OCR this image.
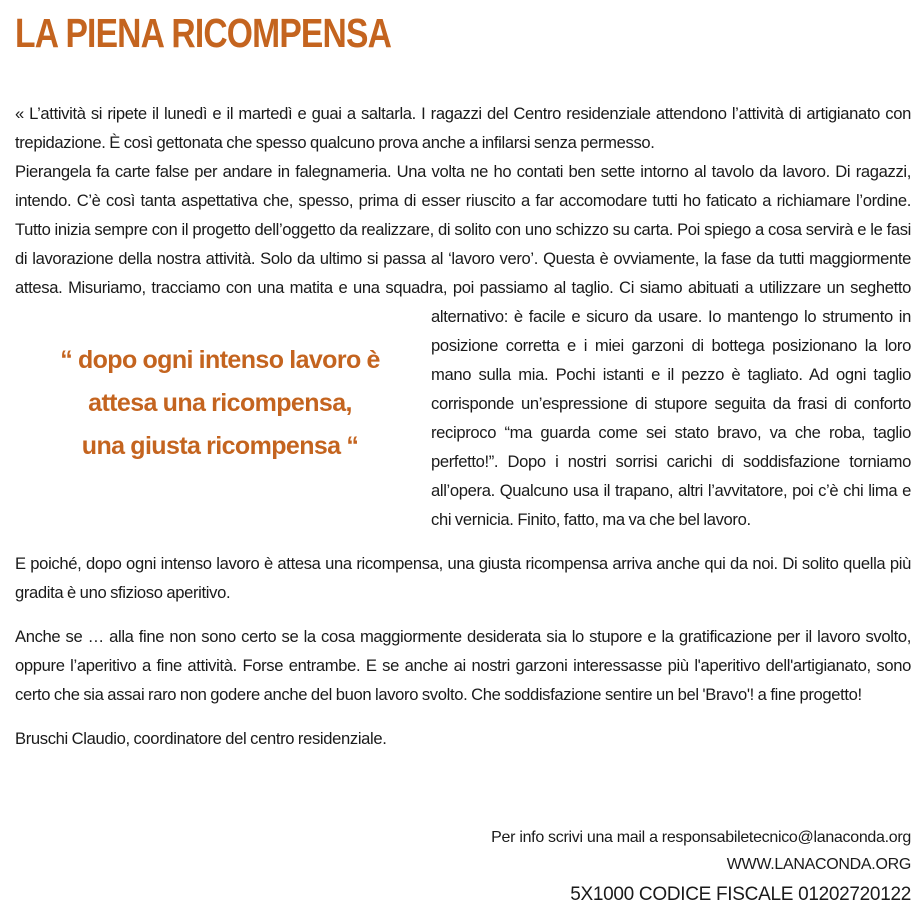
LA PIENA RICOMPENSA

« L’attività si ripete il lunedì e il martedì e guai a saltarla. I ragazzi del Centro residenziale attendono l’attività di artigianato con trepidazione. È così gettonata che spesso qualcuno prova anche a infilarsi senza permesso.

Pierangela fa carte false per andare in falegnameria. Una volta ne ho contati ben sette intorno al tavolo da lavoro. Di ragazzi, intendo. C’è così tanta aspettativa che, spesso, prima di esser riuscito a far accomodare tutti ho faticato a richiamare l’ordine. Tutto inizia sempre con il progetto dell’oggetto da realizzare, di solito con uno schizzo su carta. Poi spiego a cosa servirà e le fasi di lavorazione della nostra attività. Solo da ultimo si passa al ‘lavoro vero’. Questa è ovviamente, la fase da tutti maggiormente attesa. Misuriamo, tracciamo con una matita e una squadra, poi passiamo al taglio. Ci siamo
“ dopo ogni intenso lavoro è
attesa una ricompensa,
una giusta ricompensa “
abituati a utilizzare un seghetto alternativo: è facile e sicuro da usare. Io mantengo lo strumento in posizione corretta e i miei garzoni di bottega posizionano la loro mano sulla mia. Pochi istanti e il pezzo è tagliato. Ad ogni taglio corrisponde un’espressione di stupore seguita da frasi di conforto reciproco “ma guarda come sei stato bravo, va che roba, taglio perfetto!”. Dopo i nostri sorrisi carichi di soddisfazione torniamo all’opera. Qualcuno usa il trapano, altri l’avvitatore, poi c’è chi lima e chi vernicia. Finito, fatto, ma va che bel lavoro.

E poiché, dopo ogni intenso lavoro è attesa una ricompensa, una giusta ricompensa arriva anche qui da noi. Di solito quella più gradita è uno sfizioso aperitivo.

Anche se … alla fine non sono certo se la cosa maggiormente desiderata sia lo stupore e la gratificazione per il lavoro svolto, oppure l’aperitivo a fine attività. Forse entrambe. E se anche ai nostri garzoni interessasse più l'aperitivo dell'artigianato, sono certo che sia assai raro non godere anche del buon lavoro svolto. Che soddisfazione sentire un bel 'Bravo'! a fine progetto!

Bruschi Claudio, coordinatore del centro residenziale.

Per info scrivi una mail a responsabiletecnico@lanaconda.org
WWW.LANACONDA.ORG
5X1000 CODICE FISCALE 01202720122
